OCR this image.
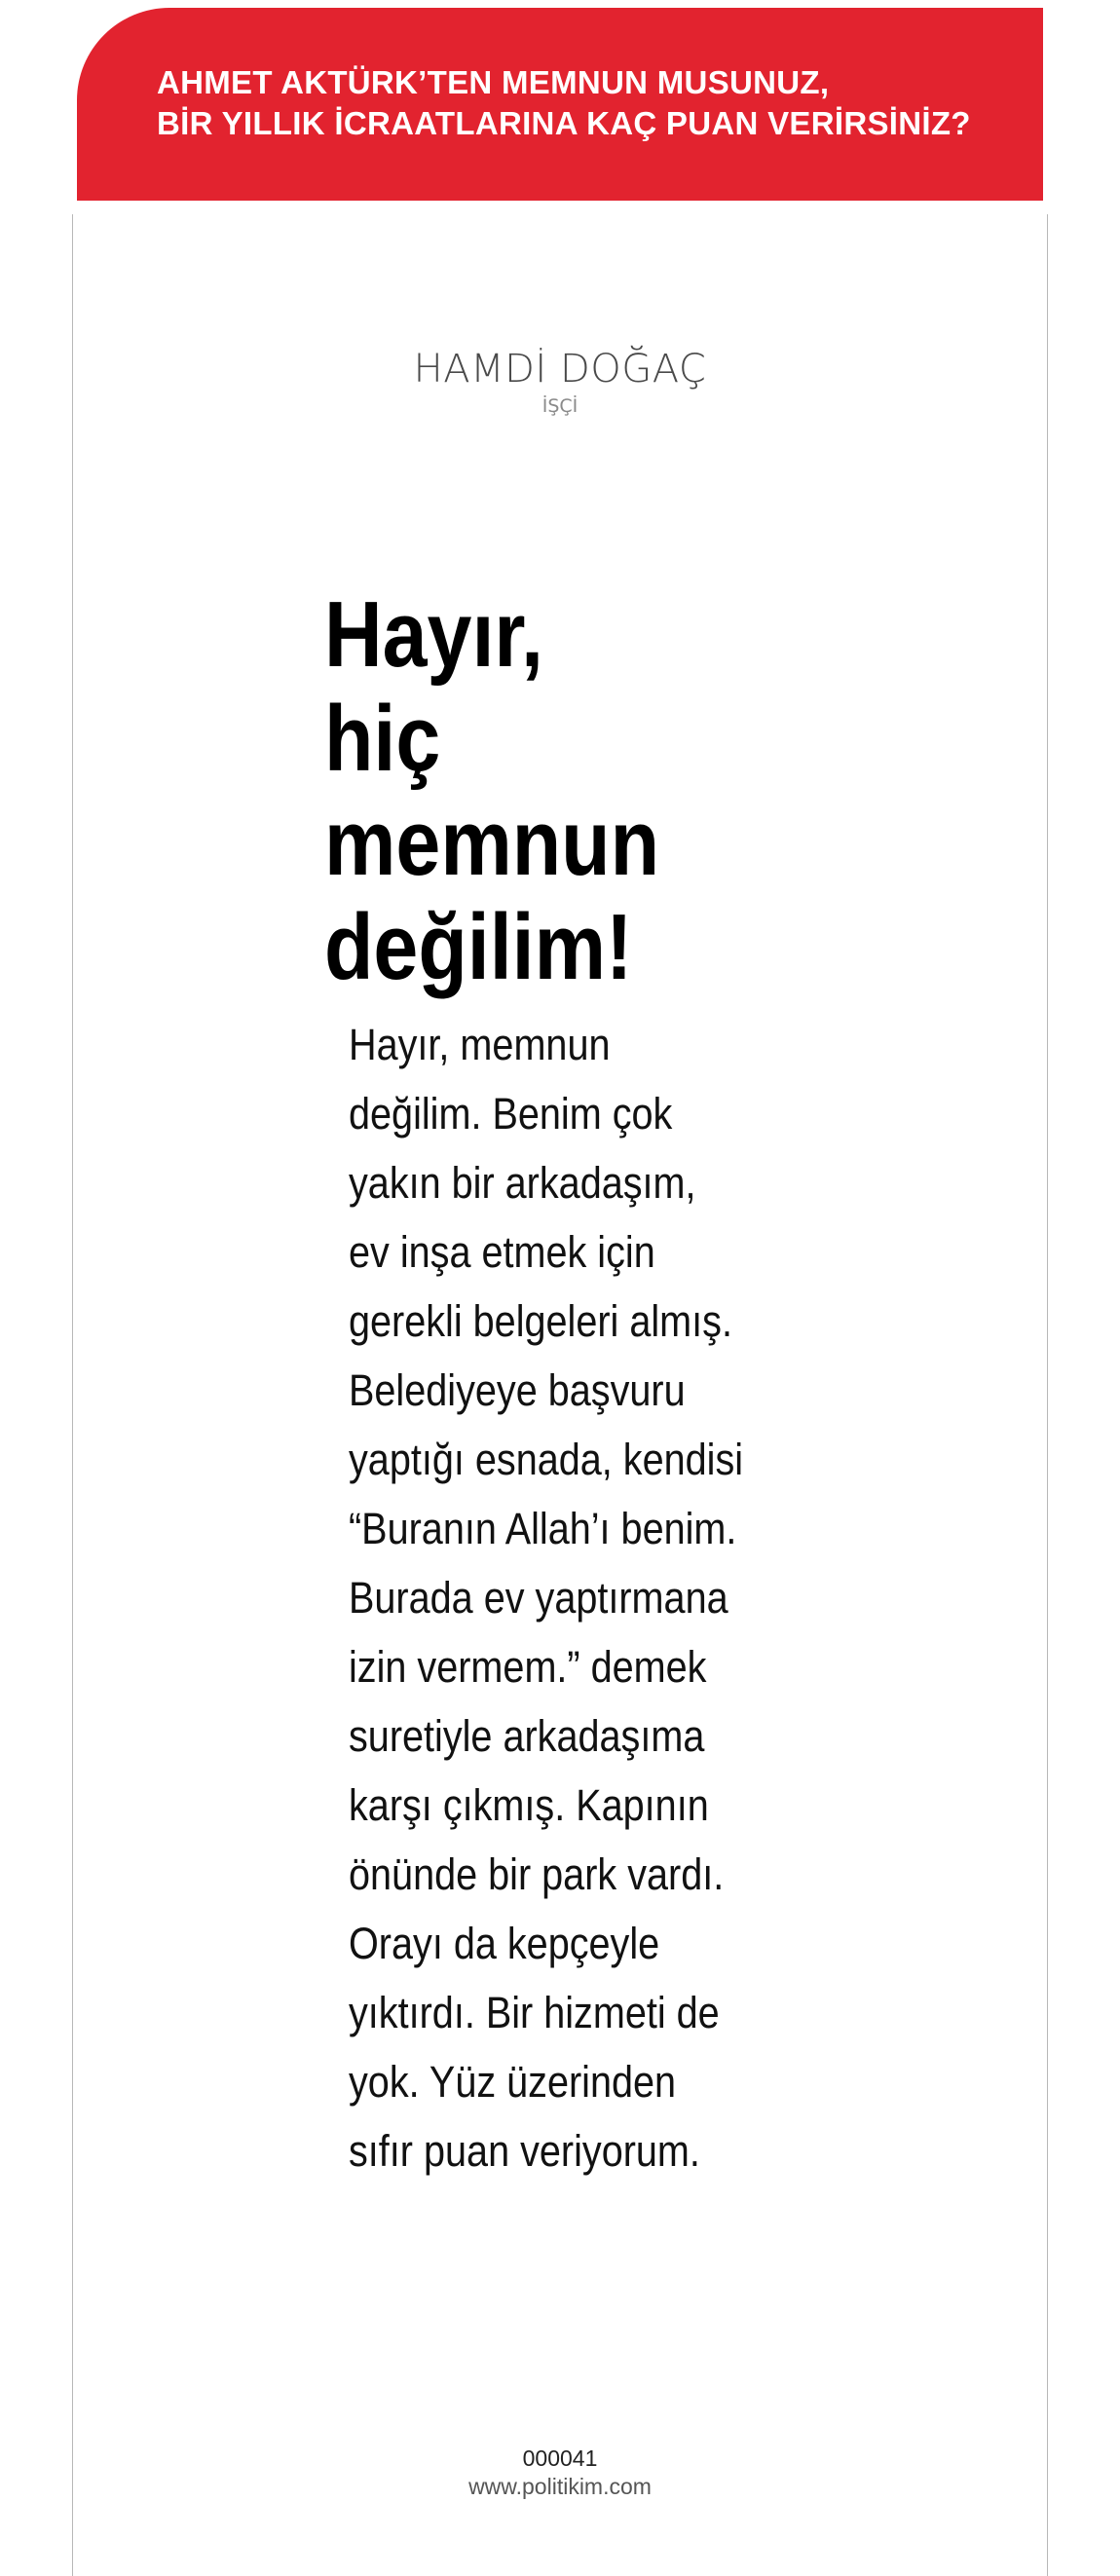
AHMET AKTÜRK’TEN MEMNUN MUSUNUZ,
BİR YILLIK İCRAATLARINA KAÇ PUAN VERİRSİNİZ?
HAMDİ DOĞAÇ
İŞÇİ
Hayır,
hiç
memnun
değilim!
Hayır, memnun
değilim. Benim çok
yakın bir arkadaşım,
ev inşa etmek için
gerekli belgeleri almış.
Belediyeye başvuru
yaptığı esnada, kendisi
“Buranın Allah’ı benim.
Burada ev yaptırmana
izin vermem.” demek
suretiyle arkadaşıma
karşı çıkmış. Kapının
önünde bir park vardı.
Orayı da kepçeyle
yıktırdı. Bir hizmeti de
yok. Yüz üzerinden
sıfır puan veriyorum.
000041
www.politikim.com
